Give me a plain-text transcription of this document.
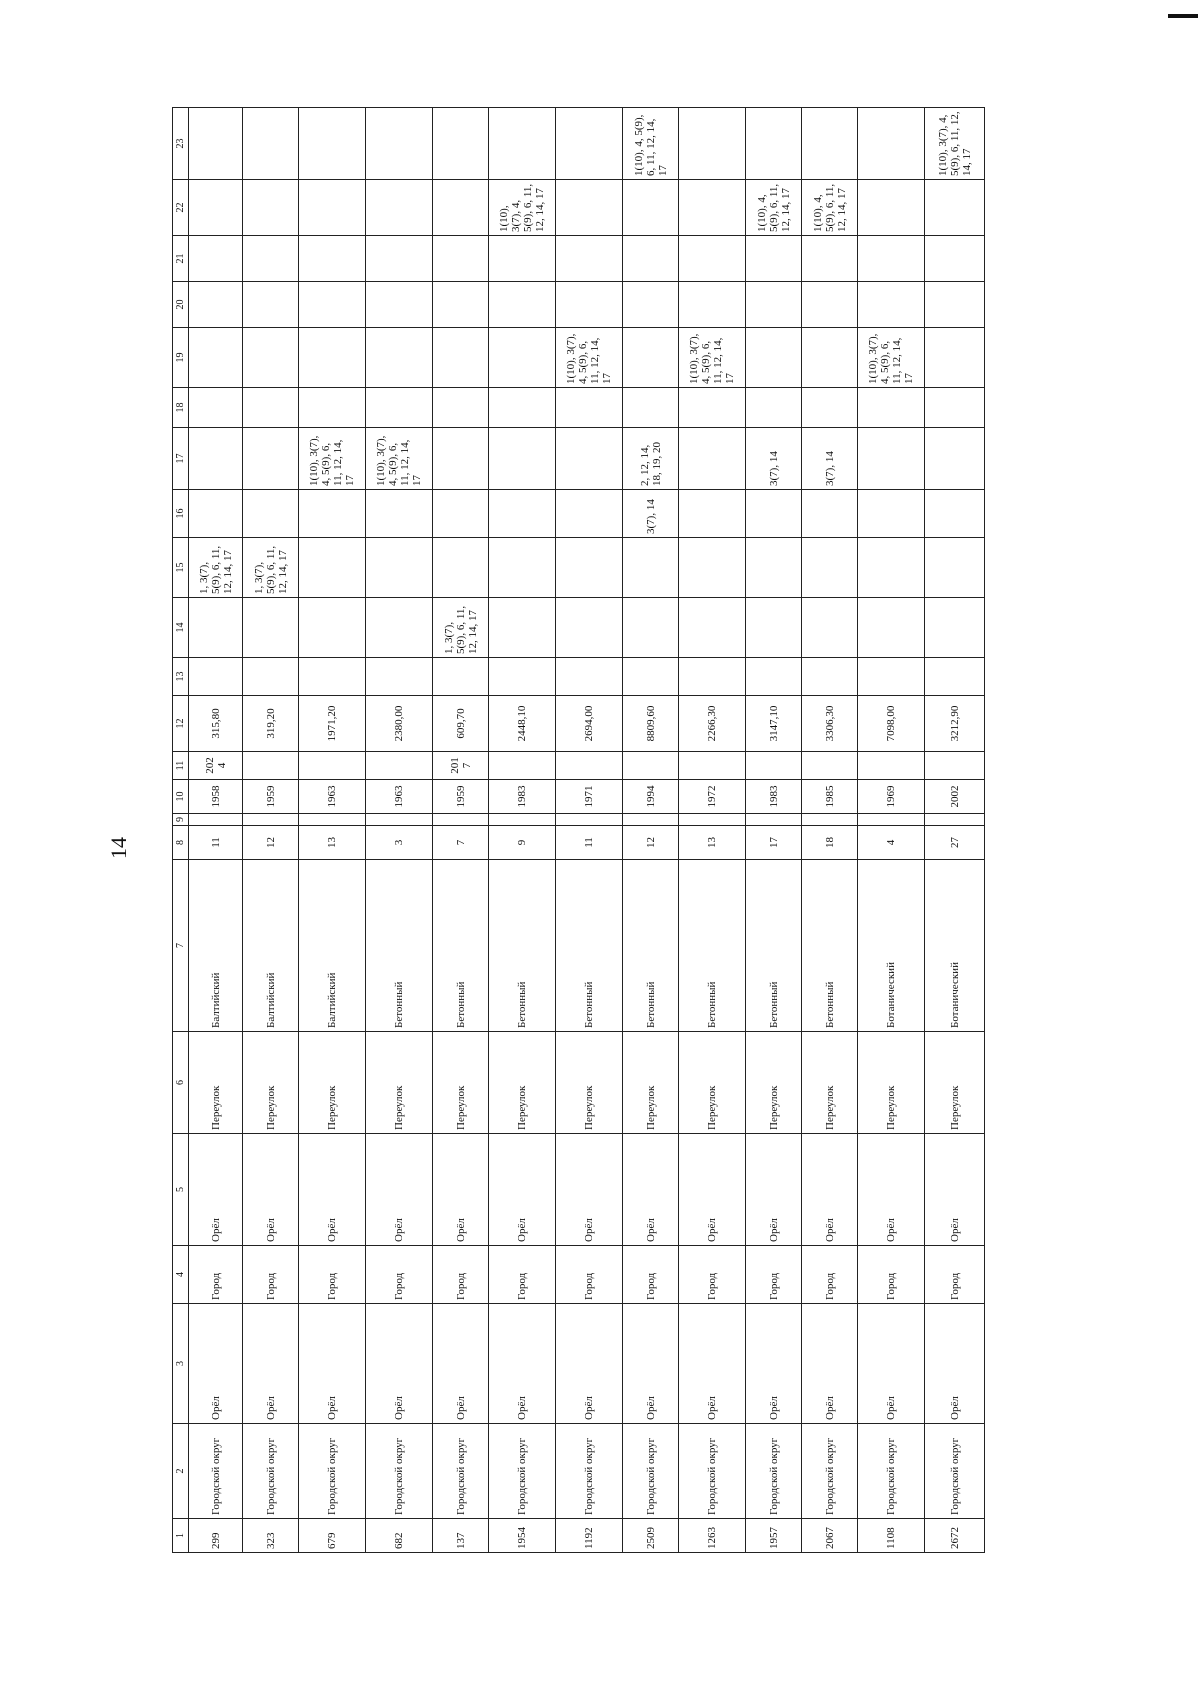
14
1	2	3	4	5	6	7	8	9	10	11	12	13	14	15	16	17	18	19	20	21	22	23
299	Городской округ	Орёл	Город	Орёл	Переулок	Балтийский	11		1958	2024	315,80			1, 3(7), 5(9), 6, 11, 12, 14, 17								
323	Городской округ	Орёл	Город	Орёл	Переулок	Балтийский	12		1959		319,20			1, 3(7), 5(9), 6, 11, 12, 14, 17								
679	Городской округ	Орёл	Город	Орёл	Переулок	Балтийский	13		1963		1971,20					1(10), 3(7), 4, 5(9), 6, 11, 12, 14, 17						
682	Городской округ	Орёл	Город	Орёл	Переулок	Бетонный	3		1963		2380,00					1(10), 3(7), 4, 5(9), 6, 11, 12, 14, 17						
137	Городской округ	Орёл	Город	Орёл	Переулок	Бетонный	7		1959	2017	609,70		1, 3(7), 5(9), 6, 11, 12, 14, 17									
1954	Городской округ	Орёл	Город	Орёл	Переулок	Бетонный	9		1983		2448,10										1(10), 3(7), 4, 5(9), 6, 11, 12, 14, 17	
1192	Городской округ	Орёл	Город	Орёл	Переулок	Бетонный	11		1971		2694,00							1(10), 3(7), 4, 5(9), 6, 11, 12, 14, 17				
2509	Городской округ	Орёл	Город	Орёл	Переулок	Бетонный	12		1994		8809,60				3(7), 14	2, 12, 14, 18, 19, 20						1(10), 4, 5(9), 6, 11, 12, 14, 17
1263	Городской округ	Орёл	Город	Орёл	Переулок	Бетонный	13		1972		2266,30							1(10), 3(7), 4, 5(9), 6, 11, 12, 14, 17				
1957	Городской округ	Орёл	Город	Орёл	Переулок	Бетонный	17		1983		3147,10					3(7), 14					1(10), 4, 5(9), 6, 11, 12, 14, 17	
2067	Городской округ	Орёл	Город	Орёл	Переулок	Бетонный	18		1985		3306,30					3(7), 14					1(10), 4, 5(9), 6, 11, 12, 14, 17	
1108	Городской округ	Орёл	Город	Орёл	Переулок	Ботанический	4		1969		7098,00							1(10), 3(7), 4, 5(9), 6, 11, 12, 14, 17				
2672	Городской округ	Орёл	Город	Орёл	Переулок	Ботанический	27		2002		3212,90											1(10), 3(7), 4, 5(9), 6, 11, 12, 14, 17
